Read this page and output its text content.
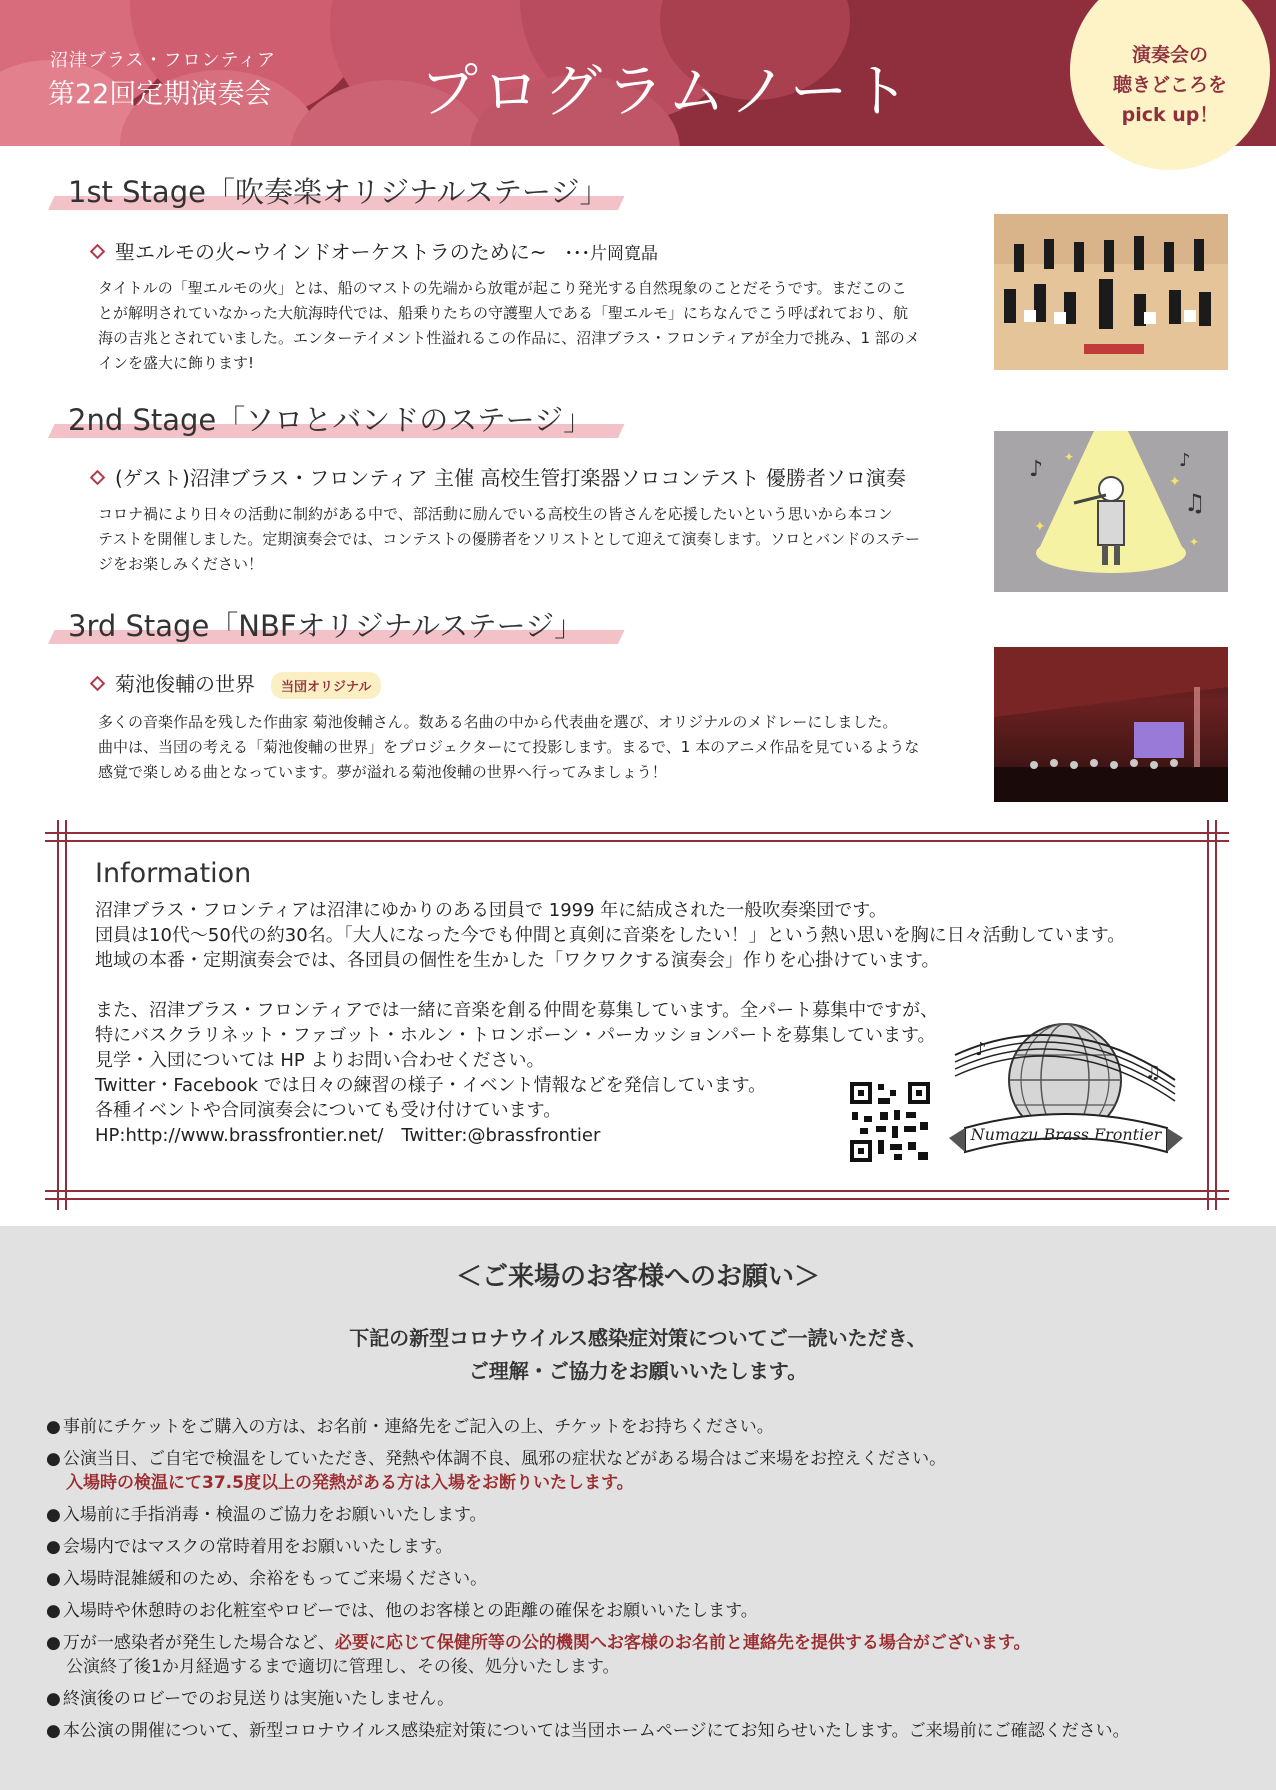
沼津ブラス・フロンティア
第22回定期演奏会	プログラムノート
演奏会の
聴きどころを
pick up！
1st Stage「吹奏楽オリジナルステージ」
聖エルモの火~ウインドオーケストラのために~ ･･･片岡寛晶
タイトルの「聖エルモの火」とは、船のマストの先端から放電が起こり発光する自然現象のことだそうです。まだこのこ
とが解明されていなかった大航海時代では、船乗りたちの守護聖人である「聖エルモ」にちなんでこう呼ばれており、航
海の吉兆とされていました。エンターテイメント性溢れるこの作品に、沼津ブラス・フロンティアが全力で挑み、1 部のメ
インを盛大に飾ります!
2nd Stage「ソロとバンドのステージ」
(ゲスト)沼津ブラス・フロンティア 主催 高校生管打楽器ソロコンテスト 優勝者ソロ演奏
コロナ禍により日々の活動に制約がある中で、部活動に励んでいる高校生の皆さんを応援したいという思いから本コン
テストを開催しました。定期演奏会では、コンテストの優勝者をソリストとして迎えて演奏します。ソロとバンドのステー
ジをお楽しみください！
♪	♪
♫
✦
✦
✦
✦
3rd Stage「NBFオリジナルステージ」
菊池俊輔の世界 当団オリジナル
多くの音楽作品を残した作曲家 菊池俊輔さん。数ある名曲の中から代表曲を選び、オリジナルのメドレーにしました。
曲中は、当団の考える「菊池俊輔の世界」をプロジェクターにて投影します。まるで、1 本のアニメ作品を見ているような
感覚で楽しめる曲となっています。夢が溢れる菊池俊輔の世界へ行ってみましょう！
Information
沼津ブラス・フロンティアは沼津にゆかりのある団員で 1999 年に結成された一般吹奏楽団です。
団員は10代～50代の約30名。「大人になった今でも仲間と真剣に音楽をしたい！」という熱い思いを胸に日々活動しています。
地域の本番・定期演奏会では、各団員の個性を生かした「ワクワクする演奏会」作りを心掛けています。
また、沼津ブラス・フロンティアでは一緒に音楽を創る仲間を募集しています。全パート募集中ですが、
特にバスクラリネット・ファゴット・ホルン・トロンボーン・パーカッションパートを募集しています。
見学・入団については HP よりお問い合わせください。
Twitter・Facebook では日々の練習の様子・イベント情報などを発信しています。
各種イベントや合同演奏会についても受け付けています。
HP:http://www.brassfrontier.net/　Twitter:@brassfrontier
♪
♫
Numazu Brass Frontier
＜ご来場のお客様へのお願い＞
下記の新型コロナウイルス感染症対策についてご一読いただき、
ご理解・ご協力をお願いいたします。
● 事前にチケットをご購入の方は、お名前・連絡先をご記入の上、チケットをお持ちください。
● 公演当日、ご自宅で検温をしていただき、発熱や体調不良、風邪の症状などがある場合はご来場をお控えください。
入場時の検温にて37.5度以上の発熱がある方は入場をお断りいたします。
● 入場前に手指消毒・検温のご協力をお願いいたします。
● 会場内ではマスクの常時着用をお願いいたします。
● 入場時混雑緩和のため、余裕をもってご来場ください。
● 入場時や休憩時のお化粧室やロビーでは、他のお客様との距離の確保をお願いいたします。
● 万が一感染者が発生した場合など、必要に応じて保健所等の公的機関へお客様のお名前と連絡先を提供する場合がございます。
公演終了後1か月経過するまで適切に管理し、その後、処分いたします。
● 終演後のロビーでのお見送りは実施いたしません。
● 本公演の開催について、新型コロナウイルス感染症対策については当団ホームページにてお知らせいたします。ご来場前にご確認ください。
